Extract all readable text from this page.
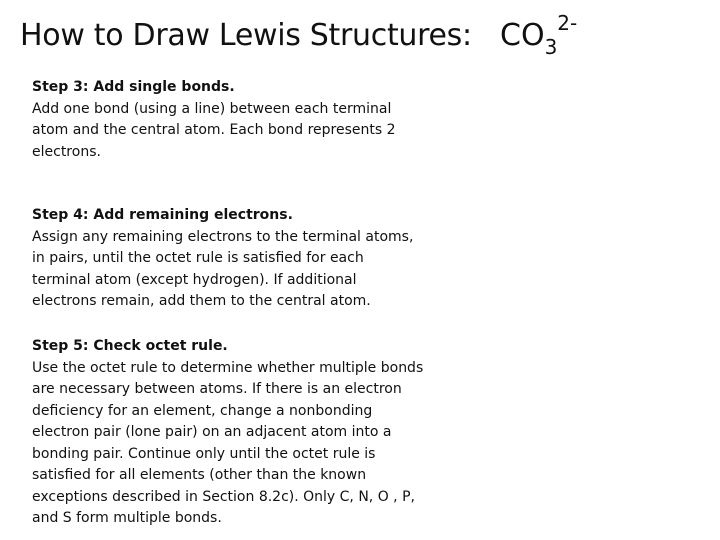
How to Draw Lewis Structures: $CO_3^{2-}$
Step 3: Add single bonds.
Add one bond (using a line) between each terminal atom and the central atom. Each bond represents 2 electrons.
Step 4: Add remaining electrons.
Assign any remaining electrons to the terminal atoms, in pairs, until the octet rule is satisfied for each terminal atom (except hydrogen). If additional electrons remain, add them to the central atom.
Step 5: Check octet rule.
Use the octet rule to determine whether multiple bonds are necessary between atoms. If there is an electron deficiency for an element, change a nonbonding electron pair (lone pair) on an adjacent atom into a bonding pair. Continue only until the octet rule is satisfied for all elements (other than the known exceptions described in Section 8.2c). Only C, N, O , P, and S form multiple bonds.
